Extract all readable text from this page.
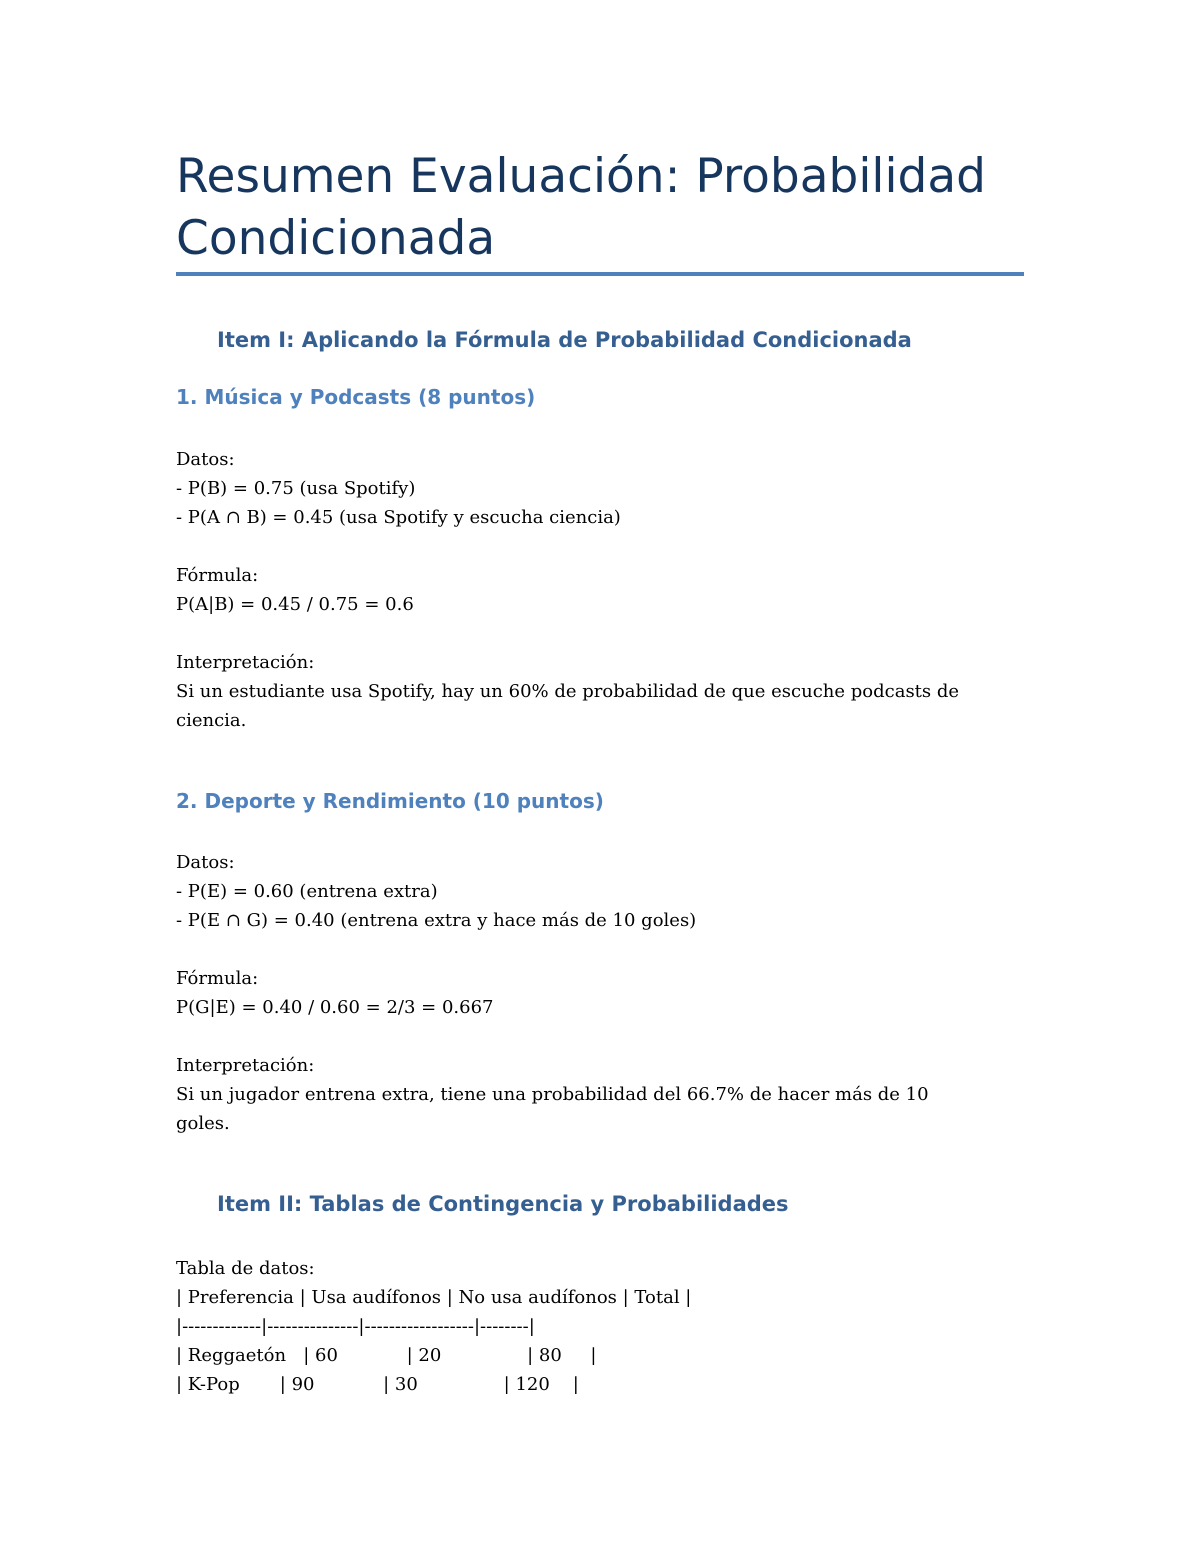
Resumen Evaluación: Probabilidad Condicionada
Item I: Aplicando la Fórmula de Probabilidad Condicionada
1. Música y Podcasts (8 puntos)

Datos:

- P(B) = 0.75 (usa Spotify)

- P(A ∩ B) = 0.45 (usa Spotify y escucha ciencia)

Fórmula:

P(A|B) = 0.45 / 0.75 = 0.6

Interpretación:

Si un estudiante usa Spotify, hay un 60% de probabilidad de que escuche podcasts de ciencia.

2. Deporte y Rendimiento (10 puntos)

Datos:

- P(E) = 0.60 (entrena extra)

- P(E ∩ G) = 0.40 (entrena extra y hace más de 10 goles)

Fórmula:

P(G|E) = 0.40 / 0.60 = 2/3 = 0.667

Interpretación:

Si un jugador entrena extra, tiene una probabilidad del 66.7% de hacer más de 10 goles.

Item II: Tablas de Contingencia y Probabilidades

Tabla de datos:

| Preferencia | Usa audífonos | No usa audífonos | Total |

|-------------|---------------|------------------|--------|

| Reggaetón   | 60            | 20               | 80     |

| K-Pop       | 90            | 30               | 120    |
